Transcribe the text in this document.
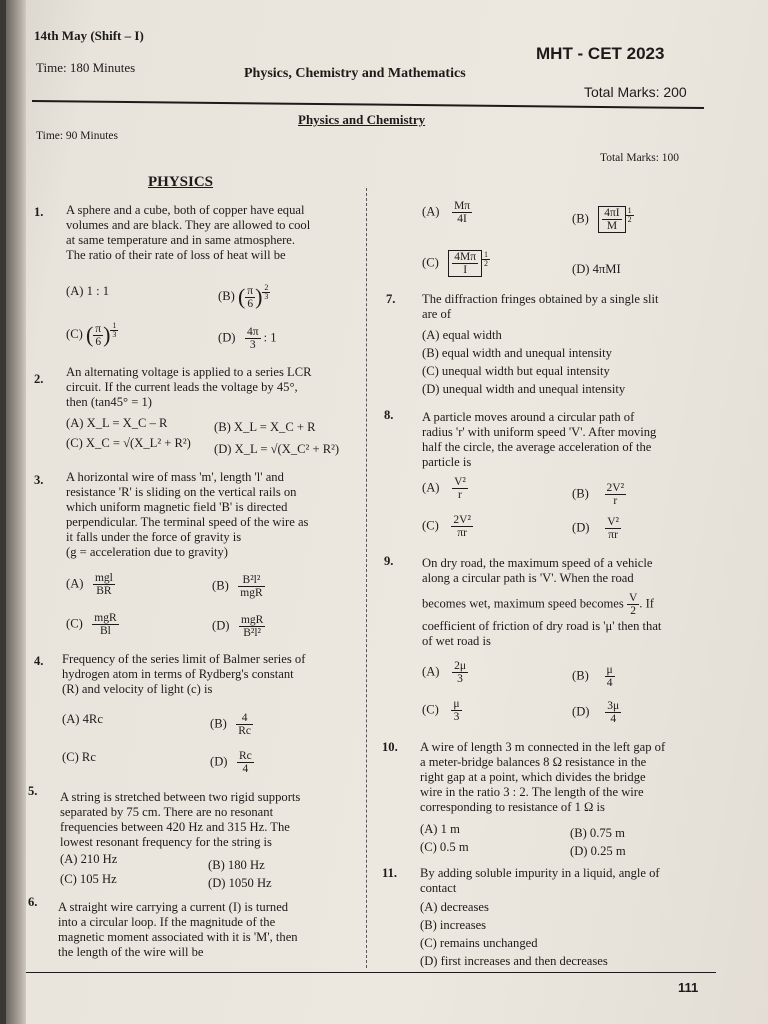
14th May (Shift – I)
MHT - CET 2023
Time: 180 Minutes	Physics, Chemistry and Mathematics
Total Marks: 200
Physics and Chemistry
Time: 90 Minutes
Total Marks: 100
PHYSICS
1. A sphere and a cube, both of copper have equal
volumes and are black. They are allowed to cool
at same temperature and in same atmosphere.
The ratio of their rate of loss of heat will be
(A) 1 : 1	(B) ( $\frac{\pi}{6}$ ) $^{\frac{2}{3}}$
(C) ( $\frac{\pi}{6}$ ) $^{\frac{1}{3}}$	$(D) \frac{4\pi}{3}$ : 1
2. An alternating voltage is applied to a series LCR
circuit. If the current leads the voltage by 45°,
then (tan45° = 1)
(A) X_L = X_C – R	(B) X_L = X_C + R
(C) X_C = √(X_L² + R²) (D) X_L = √(X_C² + R²)
3. A horizontal wire of mass 'm', length 'l' and
resistance 'R' is sliding on the vertical rails on
which uniform magnetic field 'B' is directed
perpendicular. The terminal speed of the wire as
it falls under the force of gravity is
(g = acceleration due to gravity)
$(A) \frac{\text{mgl}}{BR}$	$(B) \frac{\text{B²l²}}{\text{mgR}}$
$(C) \frac{\text{mgR}}{Bl}$	$(D) \frac{\text{mgR}}{\text{B²l²}}$
4. Frequency of the series limit of Balmer series of
hydrogen atom in terms of Rydberg's constant
(R) and velocity of light (c) is
(A) 4Rc	$(B) \frac{4}{Rc}$
(C) Rc	$(D) \frac{Rc}{4}$
5. A string is stretched between two rigid supports
separated by 75 cm. There are no resonant
frequencies between 420 Hz and 315 Hz. The
lowest resonant frequency for the string is
(A) 210 Hz	(B) 180 Hz
(C) 105 Hz	(D) 1050 Hz
6. A straight wire carrying a current (I) is turned
into a circular loop. If the magnitude of the
magnetic moment associated with it is 'M', then
the length of the wire will be
$(A) \frac{M\pi}{4I}$	$(B) \frac{4\pi I}{M} ^{\frac{1}{2}}$
$(C) \frac{4M\pi}{I} ^{\frac{1}{2}}$
(D) 4πMI
7. The diffraction fringes obtained by a single slit
are of
(A) equal width
(B) equal width and unequal intensity
(C) unequal width but equal intensity
(D) unequal width and unequal intensity
8. A particle moves around a circular path of
radius 'r' with uniform speed 'V'. After moving
half the circle, the average acceleration of the
particle is
$(A) \frac{\text{V²}}{r}$	$(B) \frac{\text{2V²}}{r}$
$(C) \frac{\text{2V²}}{\pi r}$	$(D) \frac{\text{V²}}{\pi r}$
9. On dry road, the maximum speed of a vehicle
along a circular path is 'V'. When the road
becomes wet, maximum speed becomes $\frac{V}{2}$ . If
coefficient of friction of dry road is 'μ' then that
of wet road is
$(A) \frac{2\mu}{3}$	$(B) \frac{\mu}{4}$
$(C) \frac{\mu}{3}$	$(D) \frac{3\mu}{4}$
10. A wire of length 3 m connected in the left gap of
a meter-bridge balances 8 Ω resistance in the
right gap at a point, which divides the bridge
wire in the ratio 3 : 2. The length of the wire
corresponding to resistance of 1 Ω is
(A) 1 m	(B) 0.75 m
(C) 0.5 m	(D) 0.25 m
11. By adding soluble impurity in a liquid, angle of
contact
(A) decreases
(B) increases
(C) remains unchanged
(D) first increases and then decreases
111
